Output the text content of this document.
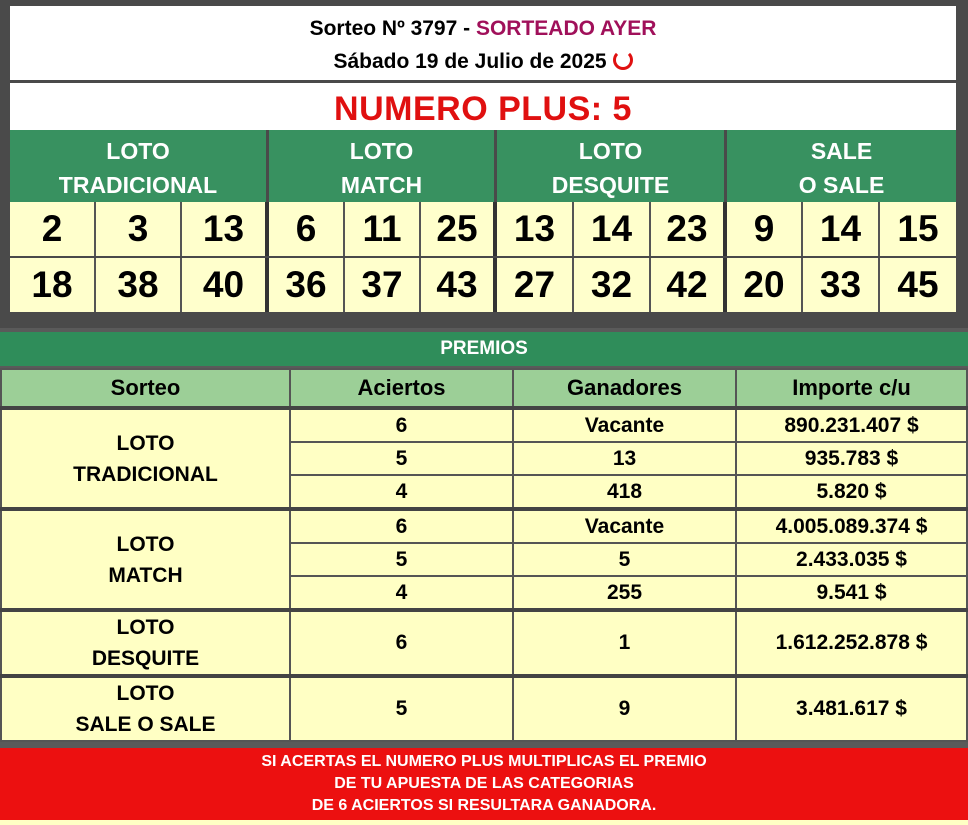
Sorteo Nº 3797 - SORTEADO AYER
Sábado 19 de Julio de 2025
NUMERO PLUS: 5
LOTO
TRADICIONAL
LOTO
MATCH
LOTO
DESQUITE
SALE
O SALE
2	3	13	6	11 25 13 14 23	9	14 15
18	38	40	36 37 43 27 32 42 20 33 45
PREMIOS
Sorteo	Aciertos	Ganadores	Importe c/u

LOTO
TRADICIONAL	6	Vacante	890.231.407 $
	5	13	935.783 $
	4	418	5.820 $

LOTO
MATCH	6	Vacante	4.005.089.374 $
	5	5	2.433.035 $
	4	255	9.541 $

LOTO
DESQUITE	6	1	1.612.252.878 $

LOTO
SALE O SALE	5	9	3.481.617 $
SI ACERTAS EL NUMERO PLUS MULTIPLICAS EL PREMIO
DE TU APUESTA DE LAS CATEGORIAS
DE 6 ACIERTOS SI RESULTARA GANADORA.
